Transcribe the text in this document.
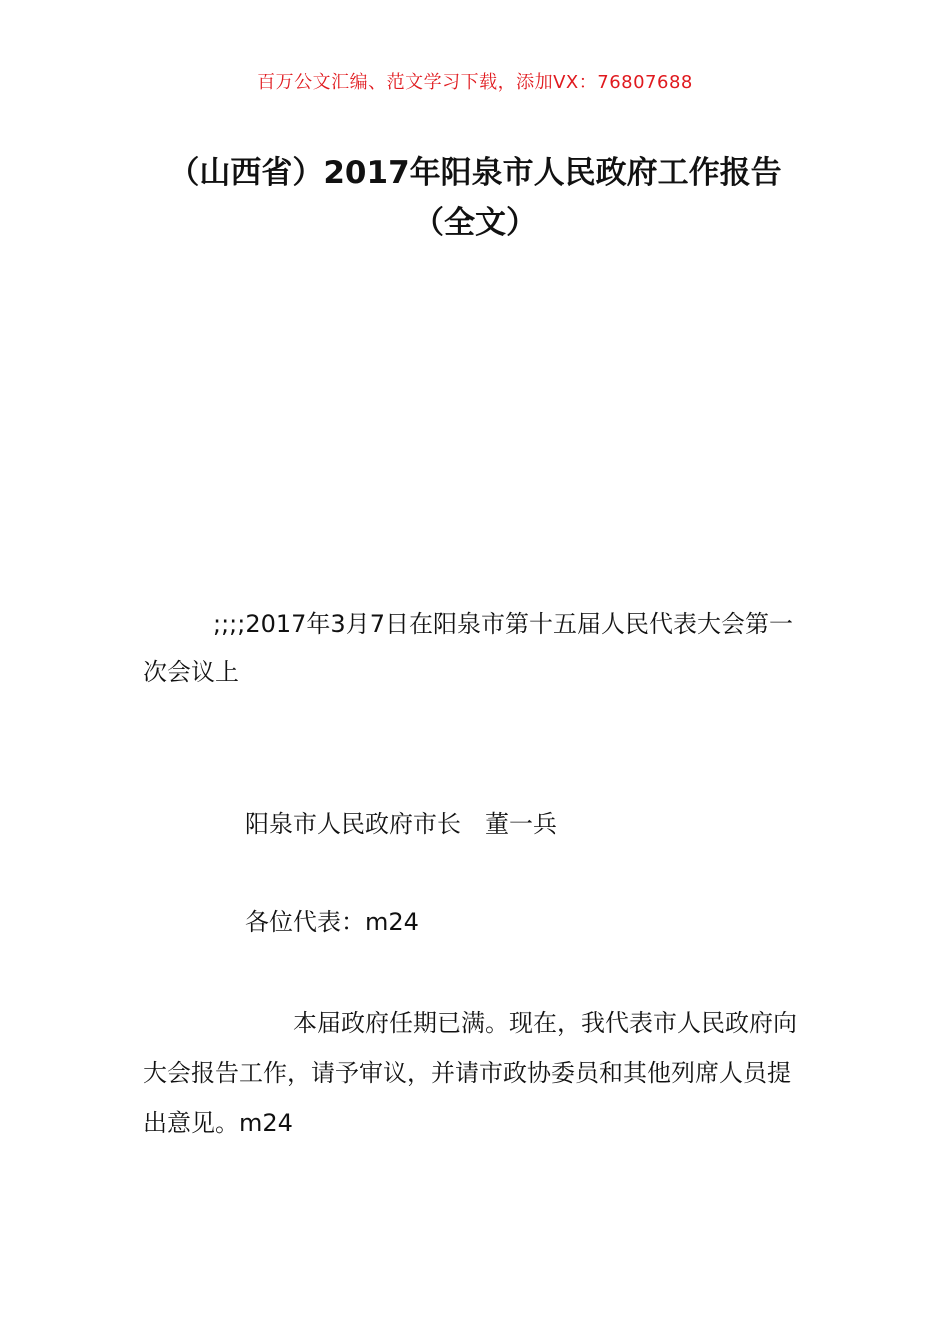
百万公文汇编、范文学习下载，添加VX：76807688
（山西省）2017年阳泉市人民政府工作报告（全文）
;;;;2017年3月7日在阳泉市第十五届人民代表大会第一次会议上
阳泉市人民政府市长　董一兵
各位代表：m24
本届政府任期已满。现在，我代表市人民政府向大会报告工作，请予审议，并请市政协委员和其他列席人员提出意见。m24
